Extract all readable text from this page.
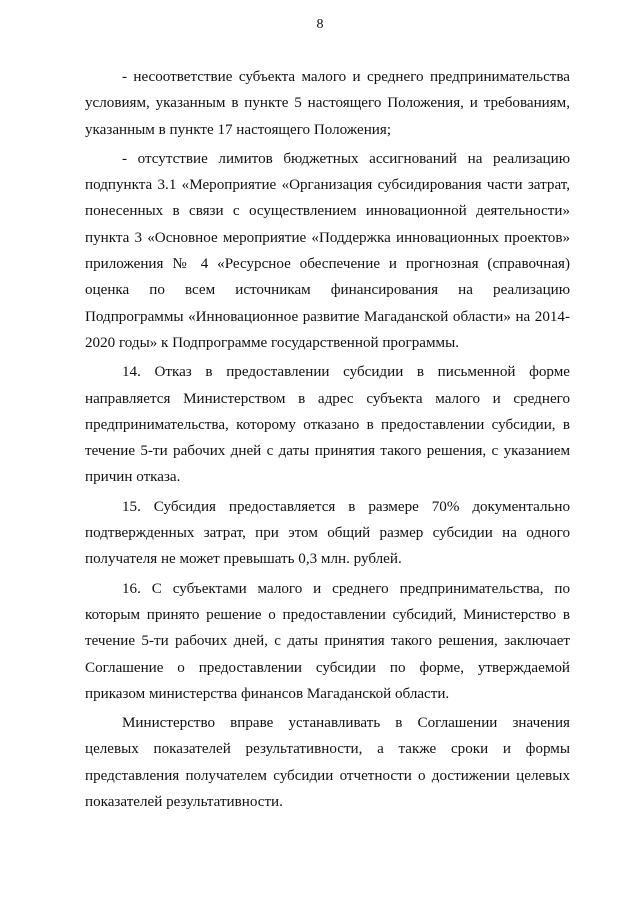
8

- несоответствие субъекта малого и среднего предпринимательства условиям, указанным в пункте 5 настоящего Положения, и требованиям, указанным в пункте 17 настоящего Положения;

- отсутствие лимитов бюджетных ассигнований на реализацию подпункта 3.1 «Мероприятие «Организация субсидирования части затрат, понесенных в связи с осуществлением инновационной деятельности» пункта 3 «Основное мероприятие «Поддержка инновационных проектов» приложения № 4 «Ресурсное обеспечение и прогнозная (справочная) оценка по всем источникам финансирования на реализацию Подпрограммы «Инновационное развитие Магаданской области» на 2014-2020 годы» к Подпрограмме государственной программы.

14. Отказ в предоставлении субсидии в письменной форме направляется Министерством в адрес субъекта малого и среднего предпринимательства, которому отказано в предоставлении субсидии, в течение 5-ти рабочих дней с даты принятия такого решения, с указанием причин отказа.

15. Субсидия предоставляется в размере 70% документально подтвержденных затрат, при этом общий размер субсидии на одного получателя не может превышать 0,3 млн. рублей.

16. С субъектами малого и среднего предпринимательства, по которым принято решение о предоставлении субсидий, Министерство в течение 5-ти рабочих дней, с даты принятия такого решения, заключает Соглашение о предоставлении субсидии по форме, утверждаемой приказом министерства финансов Магаданской области.

Министерство вправе устанавливать в Соглашении значения целевых показателей результативности, а также сроки и формы представления получателем субсидии отчетности о достижении целевых показателей результативности.
